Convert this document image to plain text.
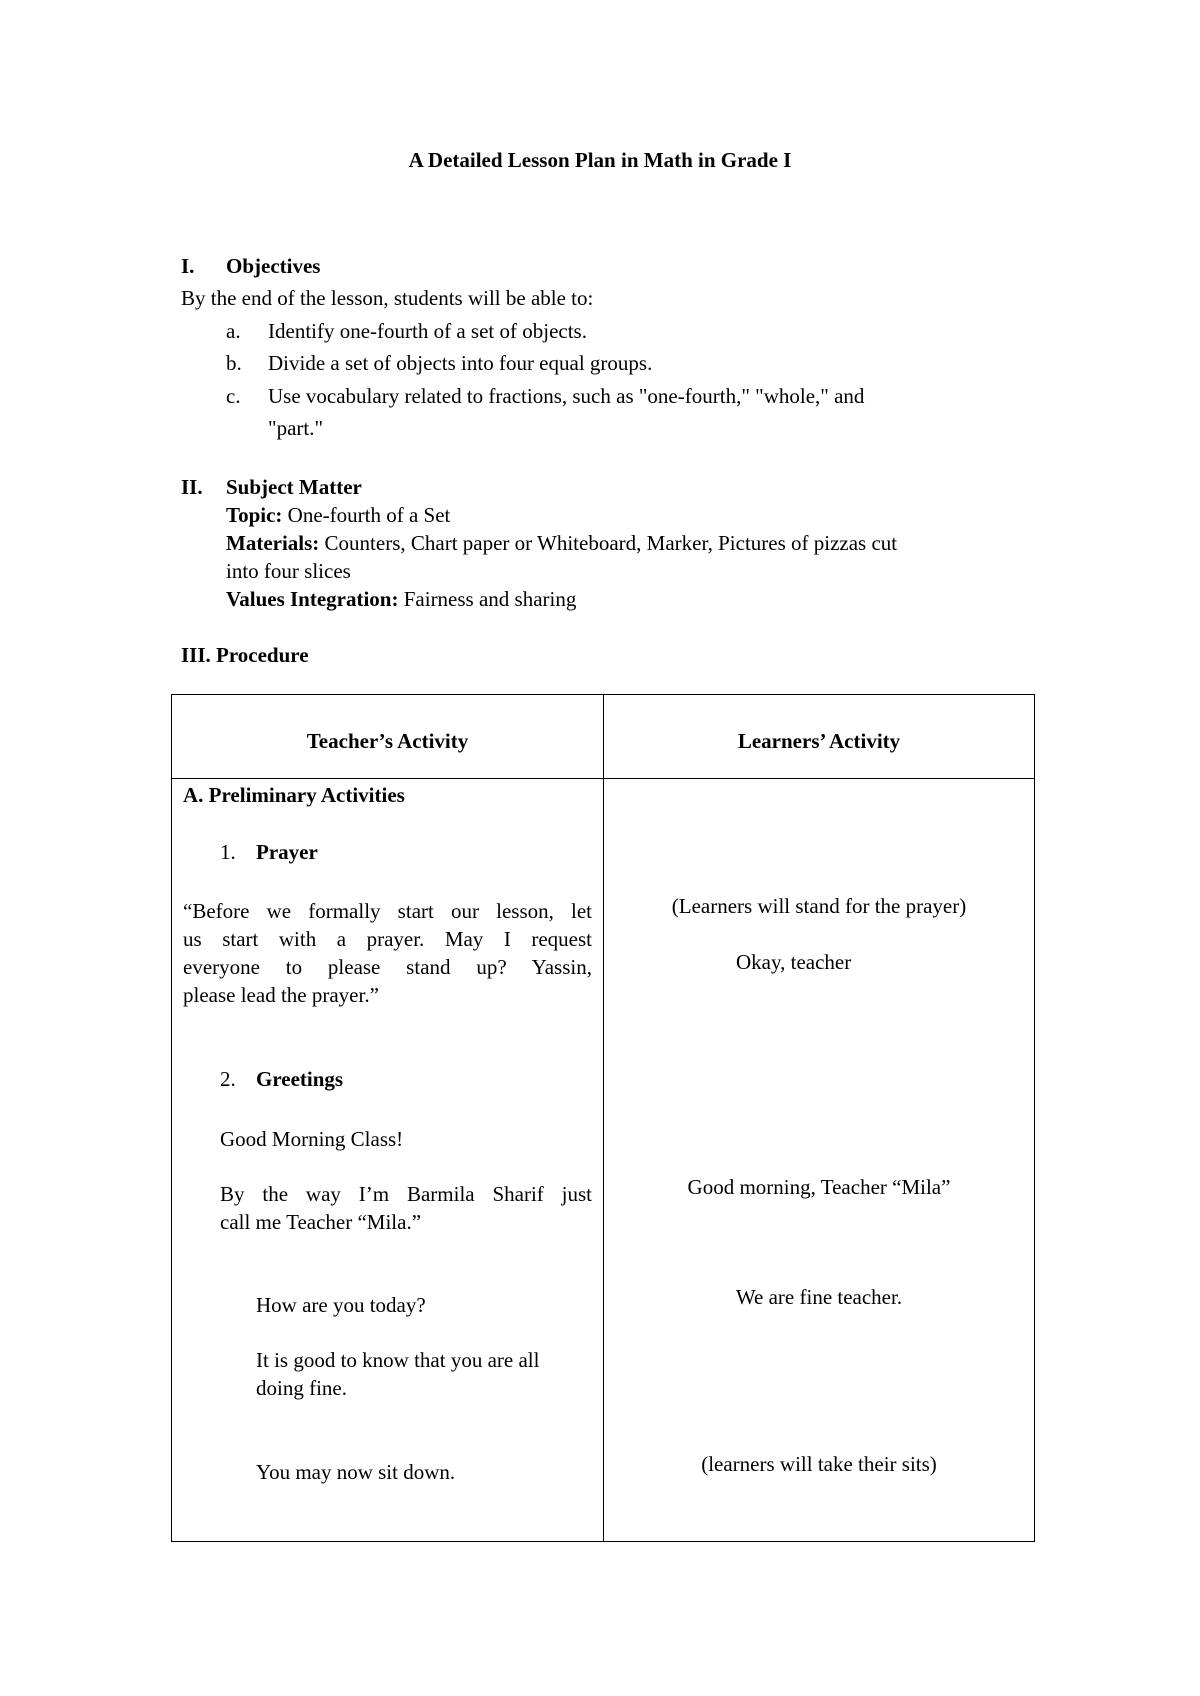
A Detailed Lesson Plan in Math in Grade I
I. Objectives
By the end of the lesson, students will be able to:
a. Identify one-fourth of a set of objects.
b. Divide a set of objects into four equal groups.
c. Use vocabulary related to fractions, such as "one-fourth," "whole," and
"part."
II. Subject Matter
Topic: One-fourth of a Set
Materials: Counters, Chart paper or Whiteboard, Marker, Pictures of pizzas cut
into four slices
Values Integration: Fairness and sharing
III. Procedure
Teacher’s Activity	Learners’ Activity
A. Preliminary Activities
1. Prayer
“Before we formally start our lesson, let
us start with a prayer. May I request
everyone to please stand up? Yassin,
please lead the prayer.”
2. Greetings
Good Morning Class!
By the way I’m Barmila Sharif just
call me Teacher “Mila.”
How are you today?
It is good to know that you are all
doing fine.
You may now sit down.
(Learners will stand for the prayer)
Okay, teacher
Good morning, Teacher “Mila”
We are fine teacher.
(learners will take their sits)
